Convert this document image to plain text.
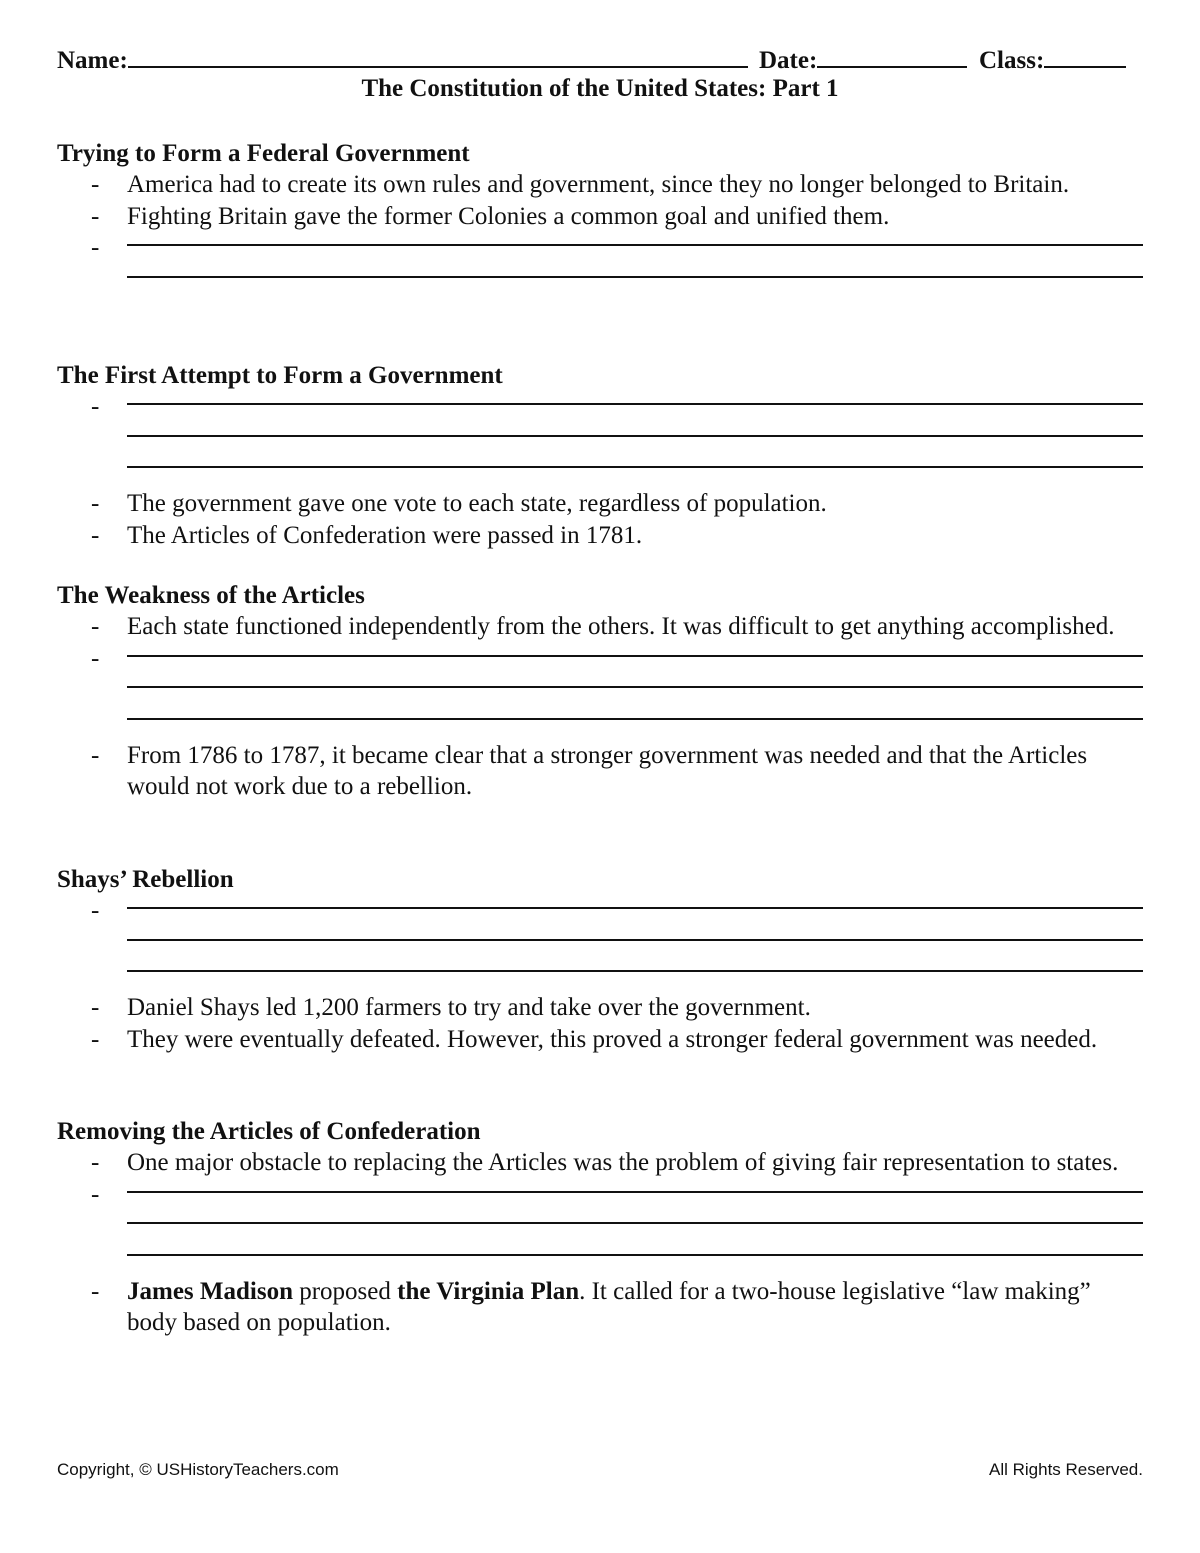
Name:	Date:	Class:
The Constitution of the United States: Part 1
Trying to Form a Federal Government
-	America had to create its own rules and government, since they no longer belonged to Britain.
-	Fighting Britain gave the former Colonies a common goal and unified them.
-
The First Attempt to Form a Government
-
-	The government gave one vote to each state, regardless of population.
-	The Articles of Confederation were passed in 1781.
The Weakness of the Articles
-	Each state functioned independently from the others. It was difficult to get anything accomplished.
-
-	From 1786 to 1787, it became clear that a stronger government was needed and that the Articles would not work due to a rebellion.
Shays’ Rebellion
-
-	Daniel Shays led 1,200 farmers to try and take over the government.
-	They were eventually defeated. However, this proved a stronger federal government was needed.
Removing the Articles of Confederation
-	One major obstacle to replacing the Articles was the problem of giving fair representation to states.
-
-	James Madison proposed the Virginia Plan. It called for a two-house legislative “law making” body based on population.
Copyright, © USHistoryTeachers.com	All Rights Reserved.
